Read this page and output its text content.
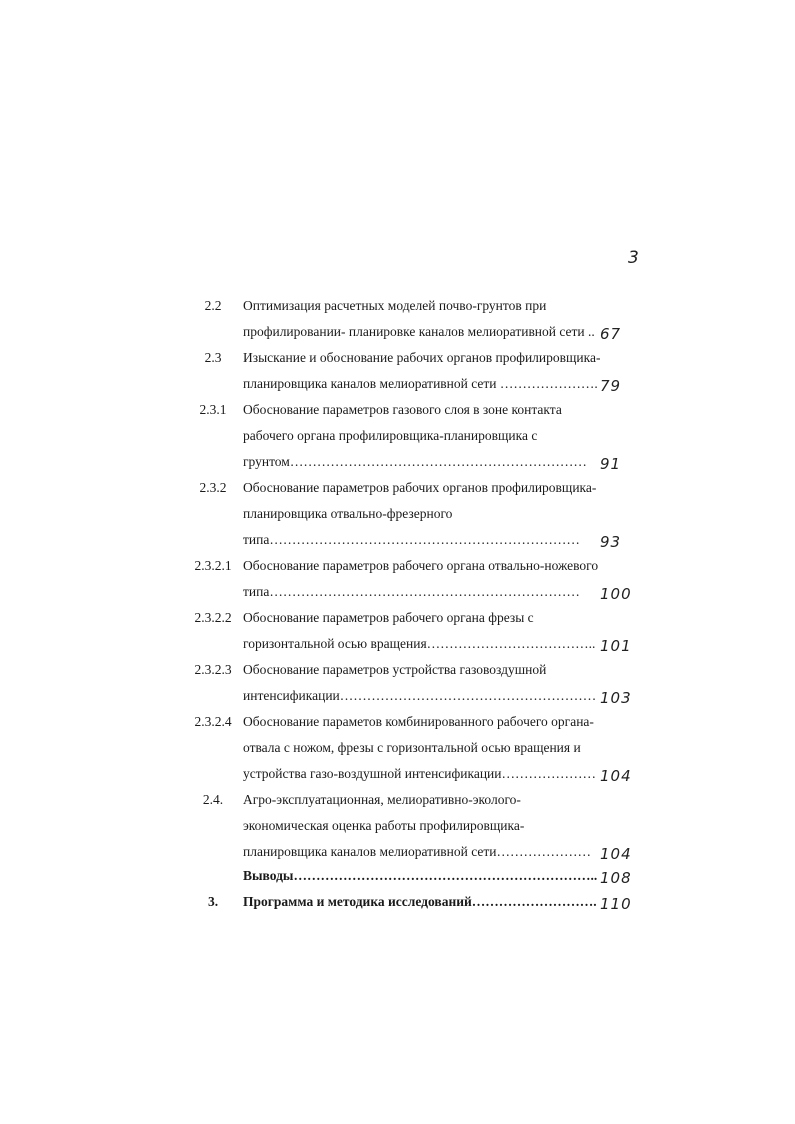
3
2.2	Оптимизация расчетных моделей почво-грунтов при
профилировании- планировке каналов мелиоративной сети .. 67
2.3	Изыскание и обоснование рабочих органов профилировщика-
планировщика каналов мелиоративной сети …………………. 79
2.3.1	Обоснование параметров газового слоя в зоне контакта
рабочего органа профилировщика-планировщика с
грунтом………………………………………………………… 91
2.3.2	Обоснование параметров рабочих органов профилировщика-
планировщика отвально-фрезерного
типа…………………………………………………………… 93
2.3.2.1 Обоснование параметров рабочего органа отвально-ножевого
типа…………………………………………………………… 100
2.3.2.2 Обоснование параметров рабочего органа фрезы с
горизонтальной осью вращения……………………………….. 101
2.3.2.3 Обоснование параметров устройства газовоздушной
интенсификации………………………………………………… 103
2.3.2.4 Обоснование параметов комбинированного рабочего органа-
отвала с ножом, фрезы с горизонтальной осью вращения и
устройства газо-воздушной интенсификации………………… 104
2.4.	Агро-эксплуатационная, мелиоративно-эколого-
экономическая оценка работы профилировщика-
планировщика каналов мелиоративной сети………………… 104
Выводы………………………………………………………….. 108
3.	Программа и методика исследований………………………. 110
